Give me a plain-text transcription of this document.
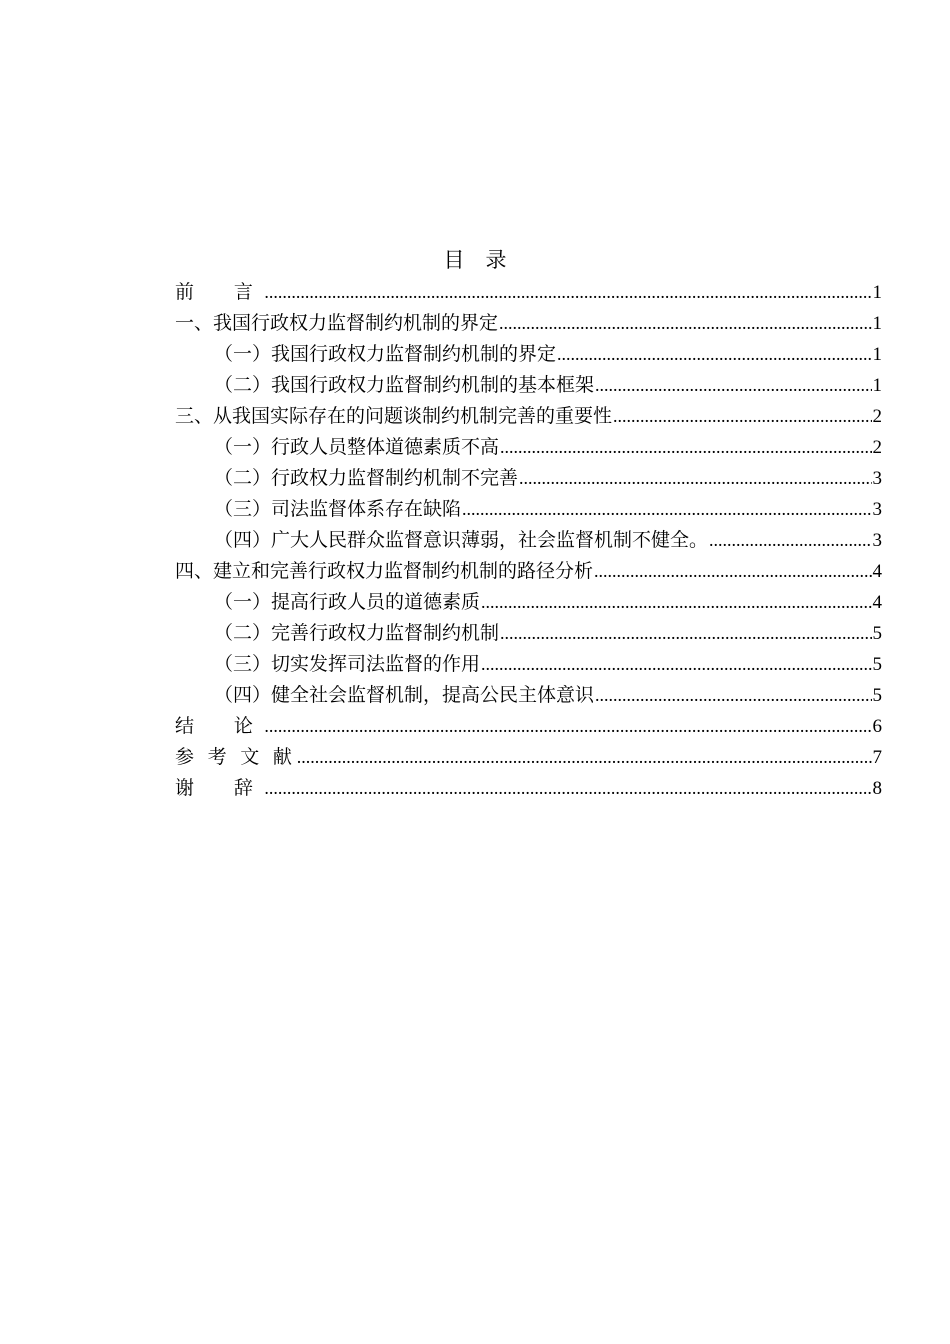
目　录
前　言 .....	1
一、我国行政权力监督制约机制的界定 .....	1
（一）我国行政权力监督制约机制的界定 .....	1
（二）我国行政权力监督制约机制的基本框架 .....	1
三、从我国实际存在的问题谈制约机制完善的重要性 .....	2
（一）行政人员整体道德素质不高 .....	2
（二）行政权力监督制约机制不完善 .....	3
（三）司法监督体系存在缺陷 .....	3
（四）广大人民群众监督意识薄弱，社会监督机制不健全。 .....	3
四、建立和完善行政权力监督制约机制的路径分析 .....	4
（一）提高行政人员的道德素质 .....	4
（二）完善行政权力监督制约机制 .....	5
（三）切实发挥司法监督的作用 .....	5
（四）健全社会监督机制，提高公民主体意识 .....	5
结　论 .....	6
参 考 文 献 .....	7
谢　辞 .....	8
